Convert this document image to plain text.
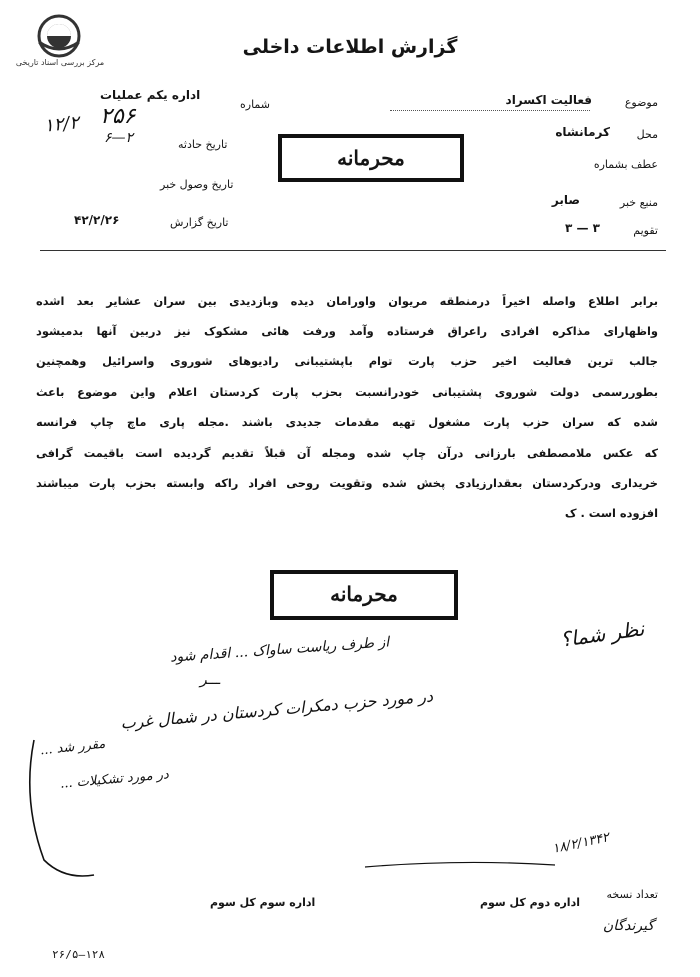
مرکز بررسی اسناد تاریخی
گزارش اطلاعات داخلی
موضوع
فعالیت اکسراد
محل
کرمانشاه
عطف بشماره
منبع خبر
صابر
تقویم
۳ — ۳
شماره
اداره یکم عملیات
۲۵۶
۱۲/۲
۲—۶	تاریخ حادثه
تاریخ وصول خبر
تاریخ گزارش
۴۲/۲/۲۶
محرمانه
برابر اطلاع واصله اخیراً درمنطقه مریوان واورامان دیده وبازدیدی بین سران عشایر بعد اشده
واظهارای مذاکره افرادی راعراق فرستاده وآمد ورفت هائی مشکوک نیز دربین آنها بدمیشود
جالب ترین فعالیت اخیر حزب پارت توام باپشتیبانی رادیوهای شوروی واسرائیل وهمچنین
بطوررسمی دولت شوروی پشتیبانی خودرانسبت بحزب پارت کردستان اعلام واین موضوع باعث
شده که سران حزب پارت مشغول تهیه مقدمات جدیدی باشند .مجله پاری ماچ چاپ فرانسه
که عکس ملامصطفی بارزانی درآن چاپ شده ومجله آن قبلاً تقدیم گردیده است باقیمت گرافی
خریداری ودرکردستان بعقدارزیادی پخش شده وتقویت روحی افراد راکه وابسته بحزب پارت میباشند
افزوده است . ک
محرمانه
نظر شما؟
از طرف ریاست ساواک ... اقدام شود
ـــر
در مورد حزب دمکرات کردستان در شمال غرب
مقرر شد ...
در مورد تشکیلات ...
۱۸/۲/۱۳۴۲
تعداد نسخه
اداره دوم کل سوم
اداره سوم کل سوم
گیرندگان
۱۲۸—۲۶/۵
